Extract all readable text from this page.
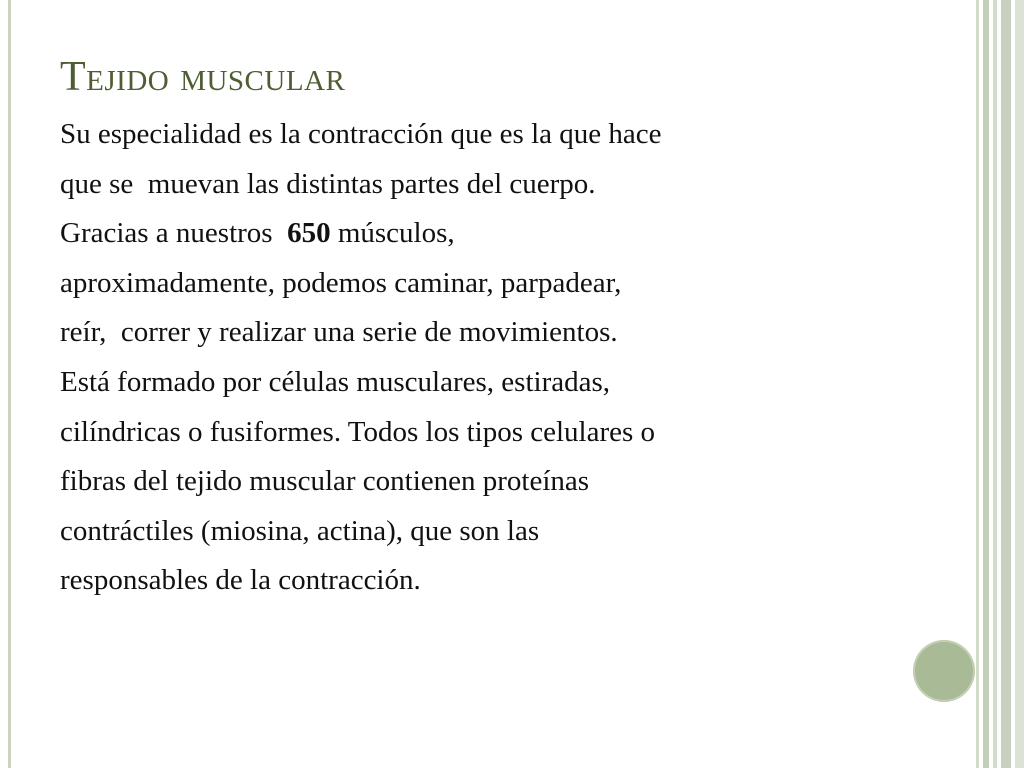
Tejido muscular
Su especialidad es la contracción que es la que hace
que se  muevan las distintas partes del cuerpo.
Gracias a nuestros  650 músculos,
aproximadamente, podemos caminar, parpadear,
reír,  correr y realizar una serie de movimientos.
Está formado por células musculares, estiradas,
cilíndricas o fusiformes. Todos los tipos celulares o
fibras del tejido muscular contienen proteínas
contráctiles (miosina, actina), que son las
responsables de la contracción.
